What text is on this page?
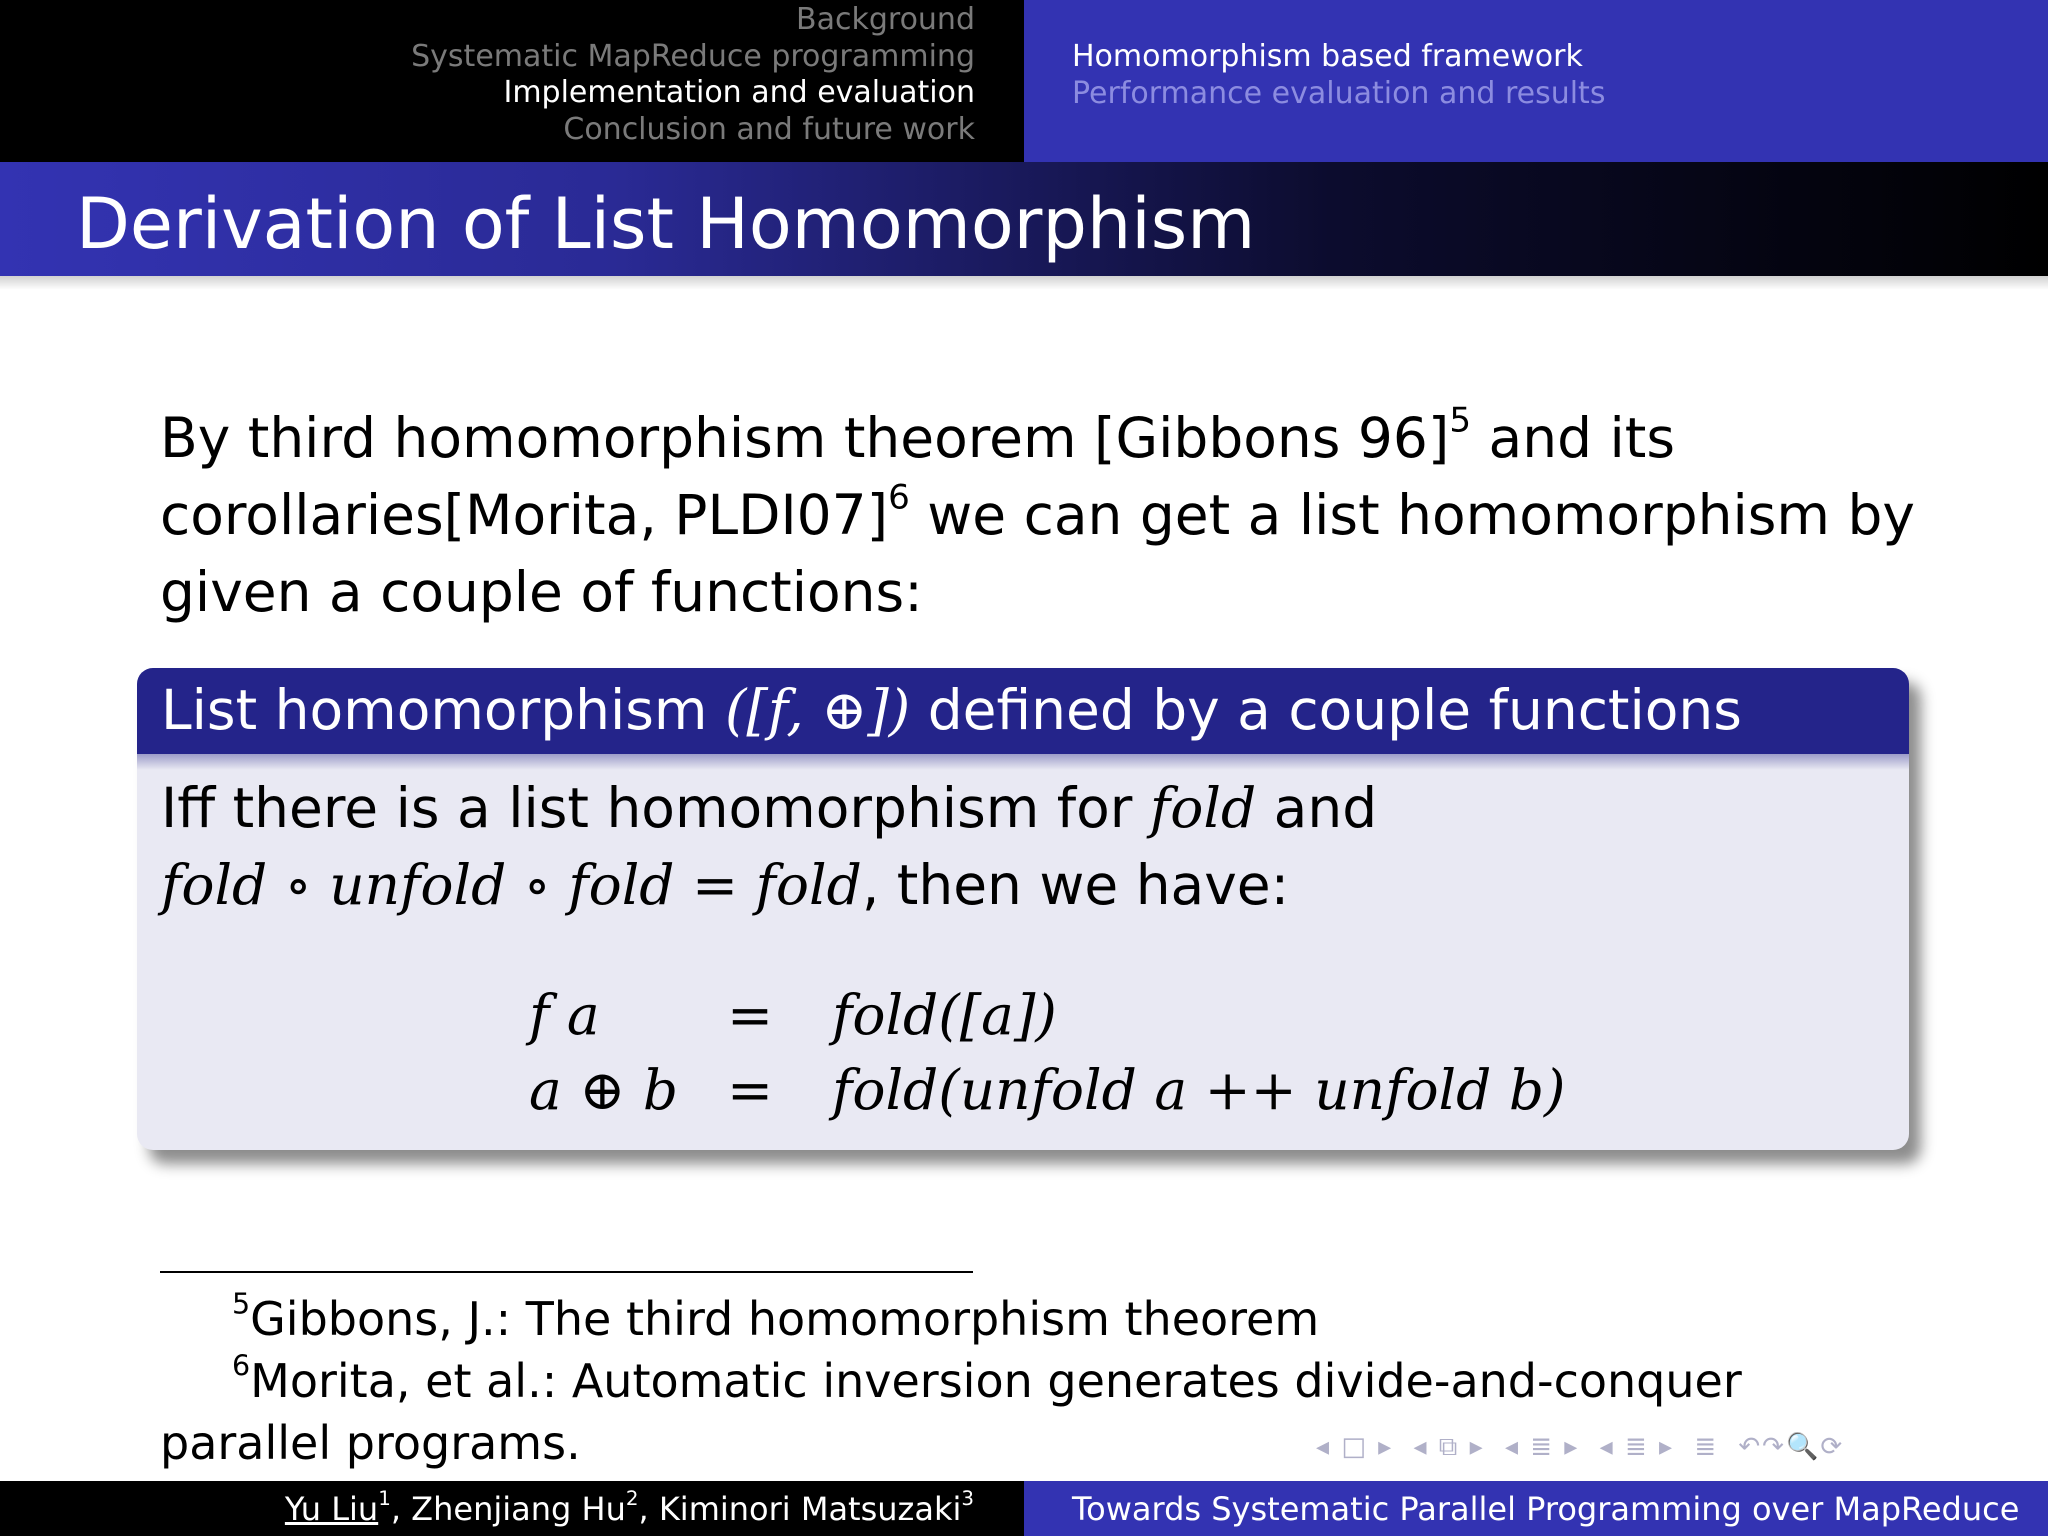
Background
Systematic MapReduce programming
Implementation and evaluation
Conclusion and future work
Homomorphism based framework
Performance evaluation and results
Derivation of List Homomorphism
By third homomorphism theorem [Gibbons 96]$^5$ and its
corollaries[Morita, PLDI07]$^6$ we can get a list homomorphism by
given a couple of functions:
List homomorphism ([f, ⊕]) defined by a couple functions
Iff there is a list homomorphism for fold and
fold ∘ unfold ∘ fold = fold, then we have:
f a	=	fold([a])
a ⊕ b =	fold(unfold a ++ unfold b)
$^5$Gibbons, J.: The third homomorphism theorem
$^6$Morita, et al.: Automatic inversion generates divide-and-conquer parallel programs.	◂ □ ▸ ◂ ⧉ ▸ ◂ ≣ ▸ ◂ ≣ ▸ ≣ ↶↷🔍⟳
Yu Liu$^1$, Zhenjiang Hu$^2$, Kiminori Matsuzaki$^3$	Towards Systematic Parallel Programming over MapReduce
